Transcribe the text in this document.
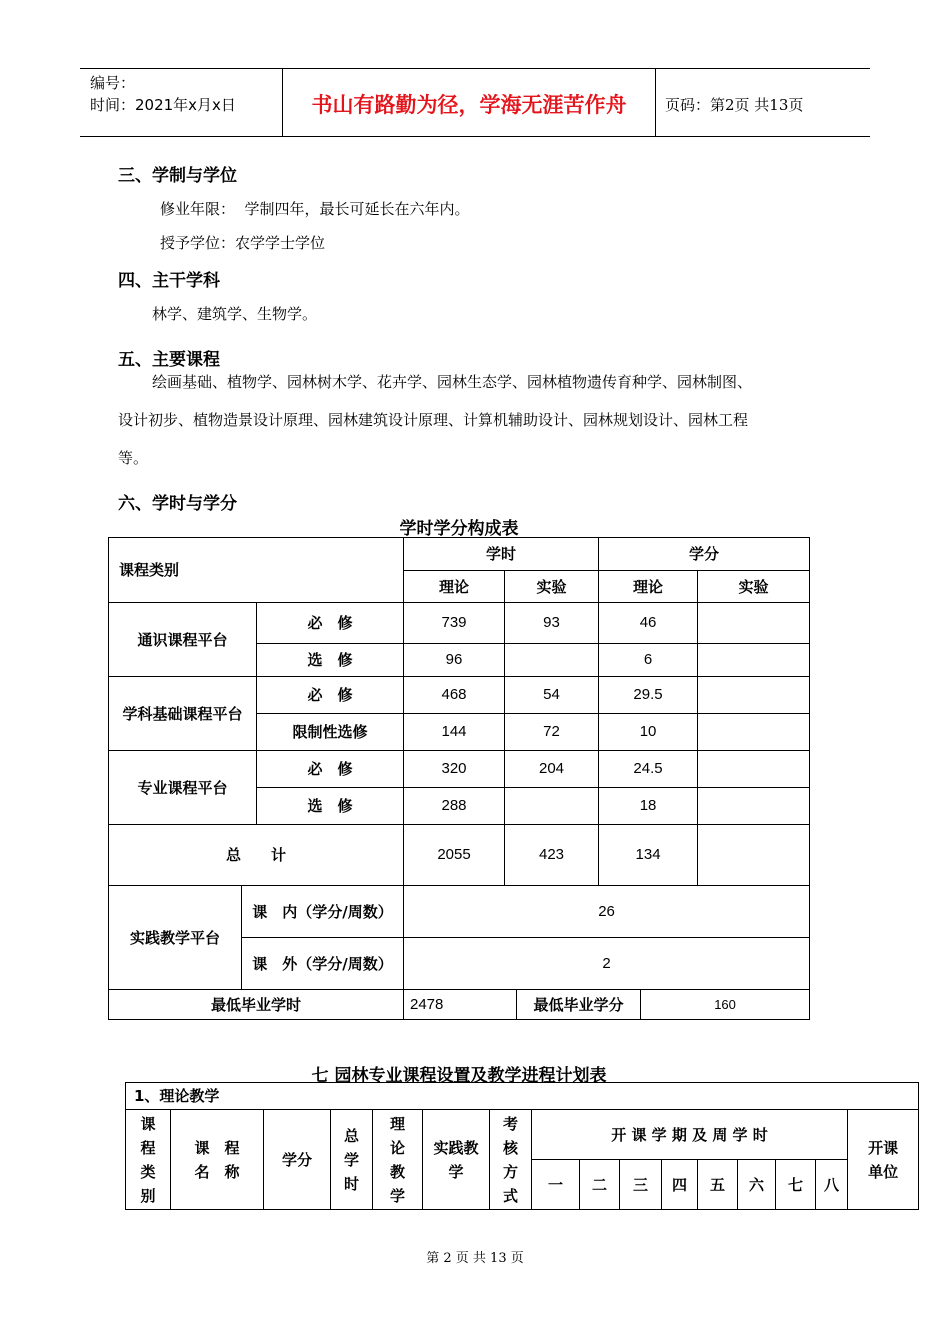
编号：
时间：2021年x月x日	书山有路勤为径，学海无涯苦作舟	页码：第2页 共13页
三、学制与学位
修业年限：  学制四年，最长可延长在六年内。
授予学位：农学学士学位
四、主干学科
林学、建筑学、生物学。
五、主要课程
绘画基础、植物学、园林树木学、花卉学、园林生态学、园林植物遗传育种学、园林制图、
设计初步、植物造景设计原理、园林建筑设计原理、计算机辅助设计、园林规划设计、园林工程
等。
六、学时与学分
学时学分构成表
课程类别			学时			学分		
			理论	实验		理论		实验
通识课程平台		必　修	739	93		46		
		选　修	96			6		
学科基础课程平台		必　修	468	54		29.5		
		限制性选修	144	72		10		
专业课程平台		必　修	320	204		24.5		
		选　修	288			18		
总　　计			2055	423		134		
实践教学平台	课　内（学分/周数）		26					
	课　外（学分/周数）		2					
最低毕业学时			2478		最低毕业学分		160	
七 园林专业课程设置及教学进程计划表
1、理论教学															
课程类别	课　程　名　称	学分	总学时	理论教学	实践教学	考核方式	开 课 学 期 及 周 学 时								开课单位
							一	二	三	四	五	六	七	八	
第 2 页 共 13 页
